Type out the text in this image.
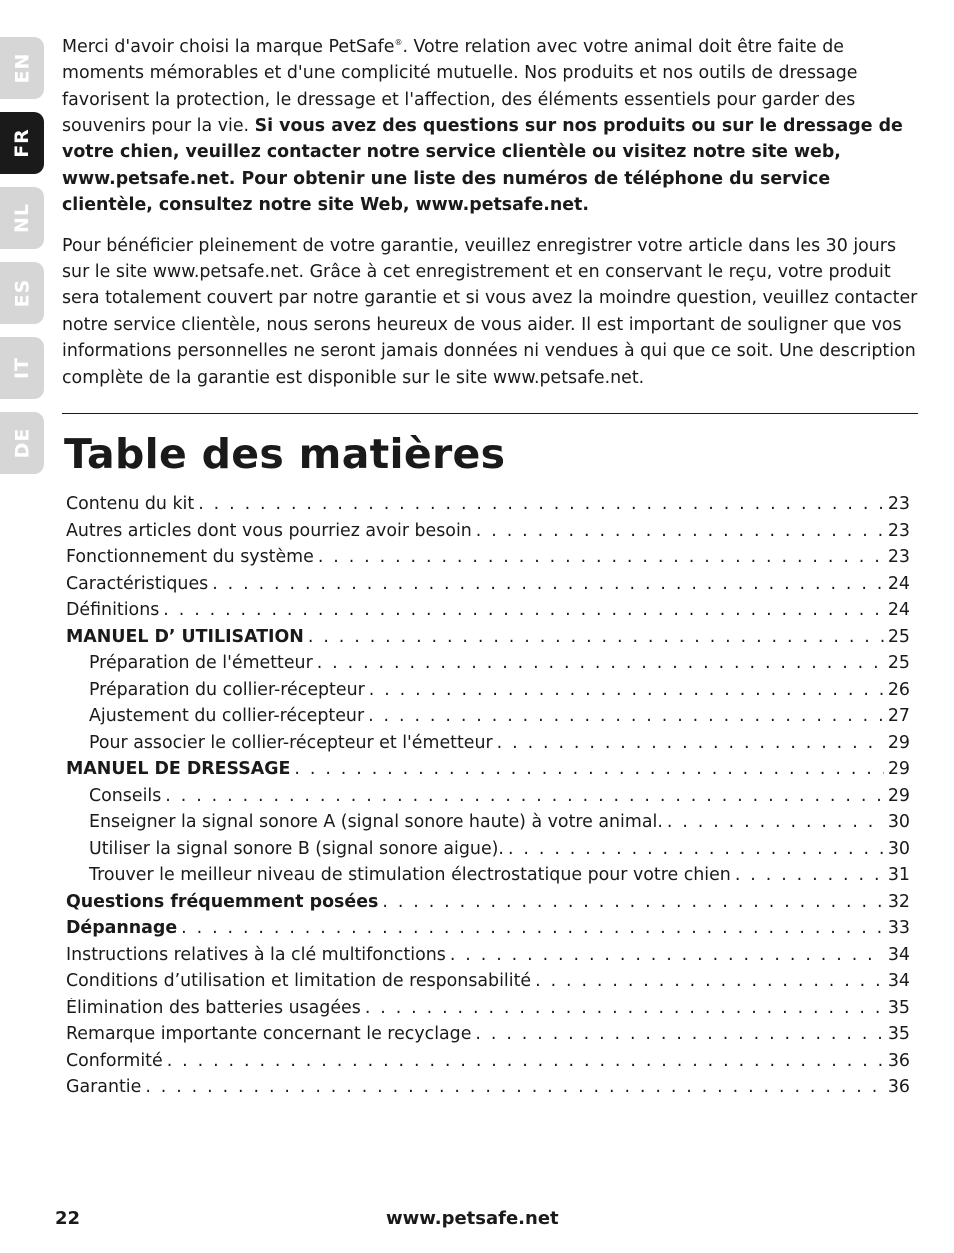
EN
FR
NL
ES
IT
DE

Merci d'avoir choisi la marque PetSafe®. Votre relation avec votre animal doit être faite de moments mémorables et d'une complicité mutuelle. Nos produits et nos outils de dressage favorisent la protection, le dressage et l'affection, des éléments essentiels pour garder des souvenirs pour la vie. Si vous avez des questions sur nos produits ou sur le dressage de votre chien, veuillez contacter notre service clientèle ou visitez notre site web, www.petsafe.net. Pour obtenir une liste des numéros de téléphone du service clientèle, consultez notre site Web, www.petsafe.net.

Pour bénéficier pleinement de votre garantie, veuillez enregistrer votre article dans les 30 jours sur le site www.petsafe.net. Grâce à cet enregistrement et en conservant le reçu, votre produit sera totalement couvert par notre garantie et si vous avez la moindre question, veuillez contacter notre service clientèle, nous serons heureux de vous aider. Il est important de souligner que vos informations personnelles ne seront jamais données ni vendues à qui que ce soit. Une description complète de la garantie est disponible sur le site www.petsafe.net.

Table des matières
Contenu du kit . . .	23
Autres articles dont vous pourriez avoir besoin . . .	23
Fonctionnement du système . . .	23
Caractéristiques . . .	24
Définitions . . .	24
MANUEL D’ UTILISATION . . .	25
Préparation de l'émetteur . . .	25
Préparation du collier-récepteur . . .	26
Ajustement du collier-récepteur . . .	27
Pour associer le collier-récepteur et l'émetteur . . .	29
MANUEL DE DRESSAGE . . .	29
Conseils . . .	29
Enseigner la signal sonore A (signal sonore haute) à votre animal. . . .	30
Utiliser la signal sonore B (signal sonore aigue). . . .	30
Trouver le meilleur niveau de stimulation électrostatique pour votre chien . . .	31
Questions fréquemment posées . . .	32
Dépannage . . .	33
Instructions relatives à la clé multifonctions . . .	34
Conditions d’utilisation et limitation de responsabilité . . .	34
Élimination des batteries usagées . . .	35
Remarque importante concernant le recyclage . . .	35
Conformité . . .	36
Garantie . . .	36
22	www.petsafe.net
